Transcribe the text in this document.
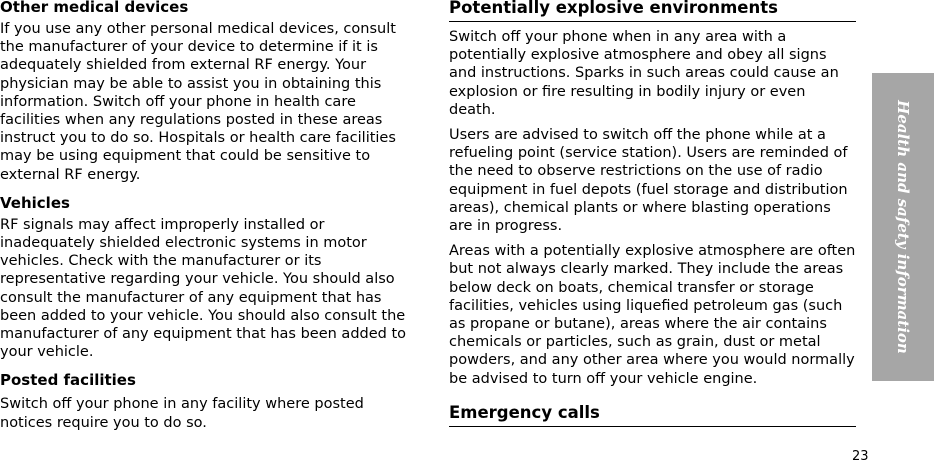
Other medical devices

If you use any other personal medical devices, consult the manufacturer of your device to determine if it is adequately shielded from external RF energy. Your physician may be able to assist you in obtaining this information. Switch off your phone in health care facilities when any regulations posted in these areas instruct you to do so. Hospitals or health care facilities may be using equipment that could be sensitive to external RF energy.

Vehicles

RF signals may affect improperly installed or inadequately shielded electronic systems in motor vehicles. Check with the manufacturer or its representative regarding your vehicle. You should also consult the manufacturer of any equipment that has been added to your vehicle. You should also consult the manufacturer of any equipment that has been added to your vehicle.

Posted facilities

Switch off your phone in any facility where posted notices require you to do so.

Potentially explosive environments

Switch off your phone when in any area with a potentially explosive atmosphere and obey all signs and instructions. Sparks in such areas could cause an explosion or fire resulting in bodily injury or even death.

Users are advised to switch off the phone while at a refueling point (service station). Users are reminded of the need to observe restrictions on the use of radio equipment in fuel depots (fuel storage and distribution areas), chemical plants or where blasting operations are in progress.

Areas with a potentially explosive atmosphere are often but not always clearly marked. They include the areas below deck on boats, chemical transfer or storage facilities, vehicles using liquefied petroleum gas (such as propane or butane), areas where the air contains chemicals or particles, such as grain, dust or metal powders, and any other area where you would normally be advised to turn off your vehicle engine.

Emergency calls
Health and safety information
23
